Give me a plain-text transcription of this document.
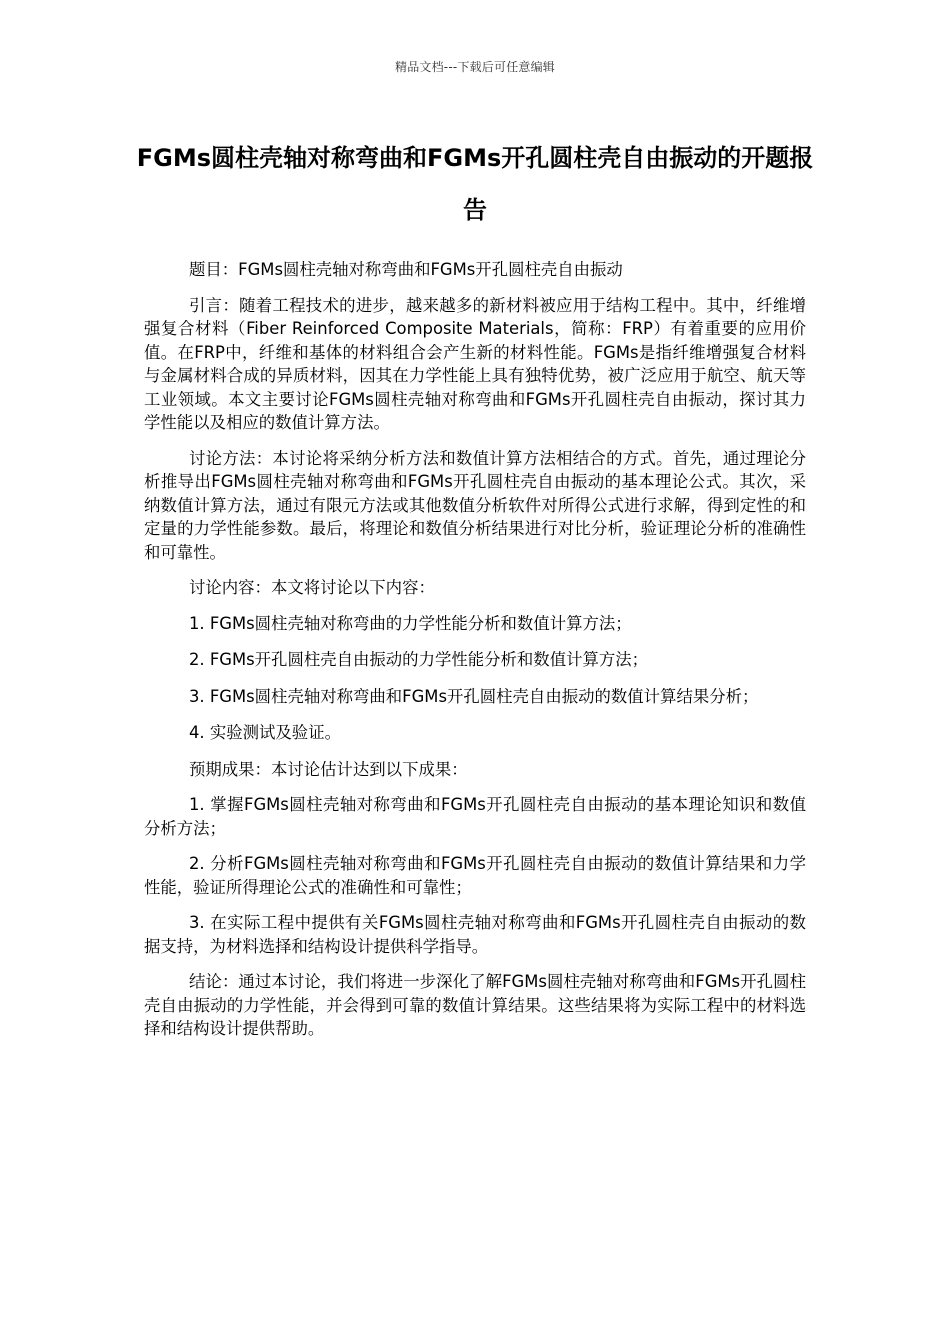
精品文档---下载后可任意编辑
FGMs圆柱壳轴对称弯曲和FGMs开孔圆柱壳自由振动的开题报告

题目：FGMs圆柱壳轴对称弯曲和FGMs开孔圆柱壳自由振动

引言：随着工程技术的进步，越来越多的新材料被应用于结构工程中。其中，纤维增强复合材料（Fiber Reinforced Composite Materials，简称：FRP）有着重要的应用价值。在FRP中，纤维和基体的材料组合会产生新的材料性能。FGMs是指纤维增强复合材料与金属材料合成的异质材料，因其在力学性能上具有独特优势，被广泛应用于航空、航天等工业领域。本文主要讨论FGMs圆柱壳轴对称弯曲和FGMs开孔圆柱壳自由振动，探讨其力学性能以及相应的数值计算方法。

讨论方法：本讨论将采纳分析方法和数值计算方法相结合的方式。首先，通过理论分析推导出FGMs圆柱壳轴对称弯曲和FGMs开孔圆柱壳自由振动的基本理论公式。其次，采纳数值计算方法，通过有限元方法或其他数值分析软件对所得公式进行求解，得到定性的和定量的力学性能参数。最后，将理论和数值分析结果进行对比分析，验证理论分析的准确性和可靠性。

讨论内容：本文将讨论以下内容：

1. FGMs圆柱壳轴对称弯曲的力学性能分析和数值计算方法；

2. FGMs开孔圆柱壳自由振动的力学性能分析和数值计算方法；

3. FGMs圆柱壳轴对称弯曲和FGMs开孔圆柱壳自由振动的数值计算结果分析；

4. 实验测试及验证。

预期成果：本讨论估计达到以下成果：

1. 掌握FGMs圆柱壳轴对称弯曲和FGMs开孔圆柱壳自由振动的基本理论知识和数值分析方法；

2. 分析FGMs圆柱壳轴对称弯曲和FGMs开孔圆柱壳自由振动的数值计算结果和力学性能，验证所得理论公式的准确性和可靠性；

3. 在实际工程中提供有关FGMs圆柱壳轴对称弯曲和FGMs开孔圆柱壳自由振动的数据支持，为材料选择和结构设计提供科学指导。

结论：通过本讨论，我们将进一步深化了解FGMs圆柱壳轴对称弯曲和FGMs开孔圆柱壳自由振动的力学性能，并会得到可靠的数值计算结果。这些结果将为实际工程中的材料选择和结构设计提供帮助。
